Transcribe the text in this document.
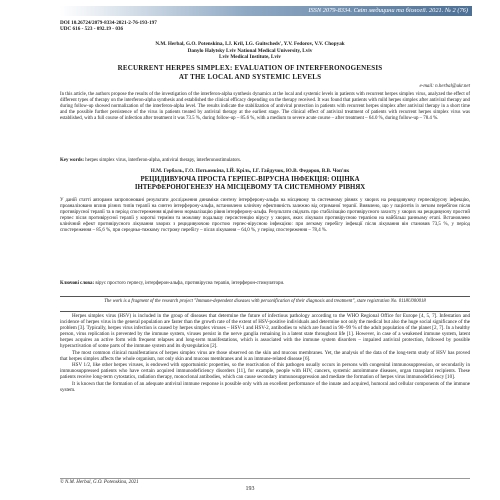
ISSN 2079-8334. Світ медицини та біології. 2021. № 2 (76)
DOI 10.26724/2079-8334-2021-2-76-193-197
UDC 616 - 523 - 092.19 - 036
N.M. Herbal, G.O. Potenskina, I.J. Kril, I.G. Guitscheds', Y.V. Fedorov, V.V. Chopyak
Danylo Halytsky Lviv National Medical University, Lviv
Lviv Medical Institute, Lviv
RECURRENT HERPES SIMPLEX: EVALUATION OF INTERFERONOGENESIS
AT THE LOCAL AND SYSTEMIC LEVELS
e-mail: n.herbal@ukr.net
In this article, the authors propose the results of the investigation of the interferon-alpha synthesis dynamics at the local and systemic levels in patients with recurrent herpes simplex virus, analyzed the effect of different types of therapy on the interferon-alpha synthesis and established the clinical efficacy depending on the therapy received. It was found that patients with mild herpes simplex after antiviral therapy and during follow-up showed normalization of the interferon-alpha level. The results indicate the stabilization of antiviral protection in patients with recurrent herpes simplex after antiviral therapy in a short time and the possible further persistence of the virus in patients treated by antiviral therapy at the earliest stage. The clinical effect of antiviral treatment of patients with recurrent herpes simplex virus was established, with a full course of infection after treatment it was 73.5 %, during follow-up – 85.6 %, with a medium to severe acute course – after treatment – 64.0 %, during follow-up – 78.4 %.
Key words: herpes simplex virus, interferon-alpha, antiviral therapy, interferonostimulators.
Н.М. Гербаль, Г.О. Потьомкіна, І.Й. Кріль, І.Г. Гайдучок, Ю.В. Федоров, В.В. Чоп'як
РЕЦИДИВУЮЧА ПРОСТА ГЕРПЕС-ВІРУСНА ІНФЕКЦІЯ: ОЦІНКА
ІНТЕРФЕРОНОГЕНЕЗУ НА МІСЦЕВОМУ ТА СИСТЕМНОМУ РІВНЯХ
У даній статті авторами запропоновані результати дослідження динаміки синтезу інтерферону-альфа на місцевому та системному рівнях у хворих на рецидивуючу герпесвірусну інфекцію, проаналізовано вплив різних типів терапії на синтез інтерферону-альфа, встановлено клінічну ефективність залежно від отриманої терапії. Виявлено, що у пацієнтів із легким перебігом після противірусної терапії та в період спостереження відмічено нормалізацію рівня інтерферону-альфа. Результати свідчать про стабілізацію противірусного захисту у хворих на рецидивуючу простий герпес після противірусної терапії у короткі терміни та можливу подальшу персистенцію вірусу у хворих, яких лікували противірусною терапією на найбільш ранньому етапі. Встановлено клінічний ефект противірусного лікування хворих з рецидивуючою простою герпес-вірусною інфекцією: при легкому перебігу інфекції після лікування він становив 73,5 %, у період спостереження – 85,6 %, при середньо-тяжкому гострому перебігу – після лікування – 64,0 %, у період спостереження – 78,4 %.
Ключові слова: вірус простого герпесу, інтерферон-альфа, противірусна терапія, інтерферон-стимулятори.
The work is a fragment of the research project "Immune-dependent diseases with personification of their diagnosis and treatment", state registration No. 0118U000018

Herpes simplex virus (HSV) is included in the group of diseases that determine the future of infectious pathology according to the WHO Regional Office for Europe [4, 5, 7]. Infestation and incidence of herpes virus in the general population are faster than the growth rate of the extent of HSV-positive individuals and determine not only the medical but also the huge social significance of the problem [3]. Typically, herpes virus infection is caused by herpes simplex viruses – HSV-1 and HSV-2, antibodies to which are found in 90–99 % of the adult population of the planet [2, 7]. In a healthy person, virus replication is prevented by the immune system, viruses persist in the nerve ganglia remaining in a latent state throughout life [1]. However, in case of a weakened immune system, latent herpes acquires an active form with frequent relapses and long-term manifestations, which is associated with the immune system disorders – impaired antiviral protection, followed by possible hyperactivation of some parts of the immune system and its dysregulation [2].

The most common clinical manifestations of herpes simplex virus are those observed on the skin and mucous membranes. Yet, the analysis of the data of the long-term study of HSV has proved that herpes simplex affects the whole organism, not only skin and mucous membranes and is an immune-related disease [6].

HSV 1/2, like other herpes viruses, is endowed with opportunistic properties, so the reactivation of this pathogen usually occurs in persons with congenital immunosuppression, or secondarily in immunosuppressed patients who have certain acquired immunodeficiency disorders [11], for example, people with HIV, cancers, systemic autoimmune diseases, organ transplant recipients. These patients receive long-term cytostatics, radiation therapy, monoclonal antibodies, which can cause secondary immunosuppression and mediate the formation of herpes virus immunodeficiency [10].

It is known that the formation of an adequate antiviral immune response is possible only with an excellent performance of the innate and acquired, humoral and cellular components of the immune system.

© N.M. Herbal, G.O. Potenskina, 2021
193
